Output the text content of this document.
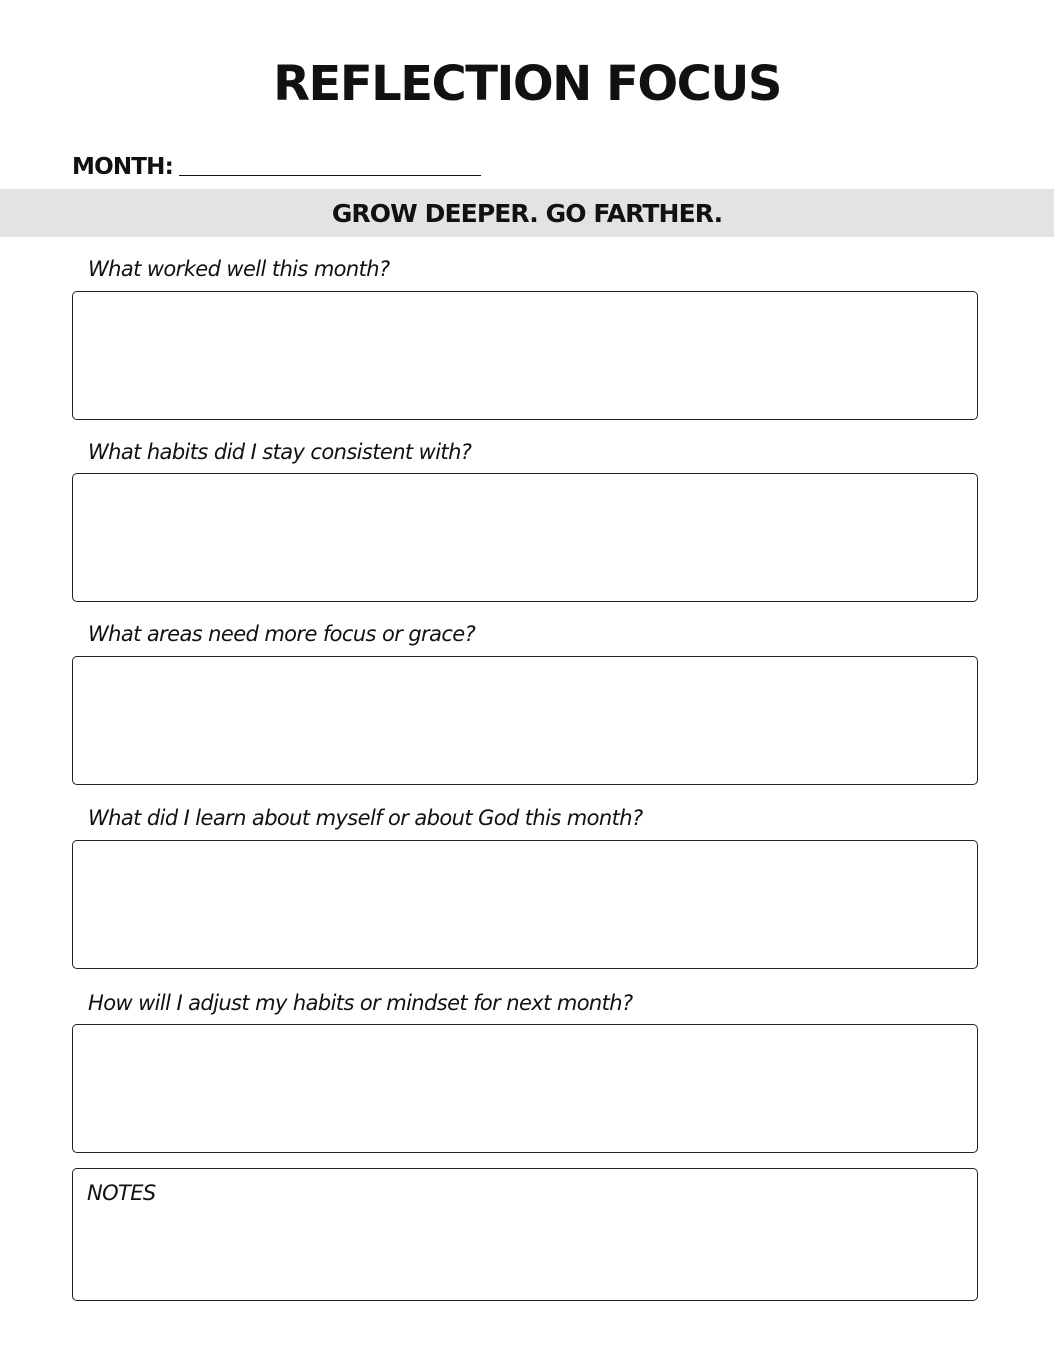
REFLECTION FOCUS
MONTH:
GROW DEEPER. GO FARTHER.

What worked well this month?

What habits did I stay consistent with?

What areas need more focus or grace?

What did I learn about myself or about God this month?

How will I adjust my habits or mindset for next month?

NOTES
